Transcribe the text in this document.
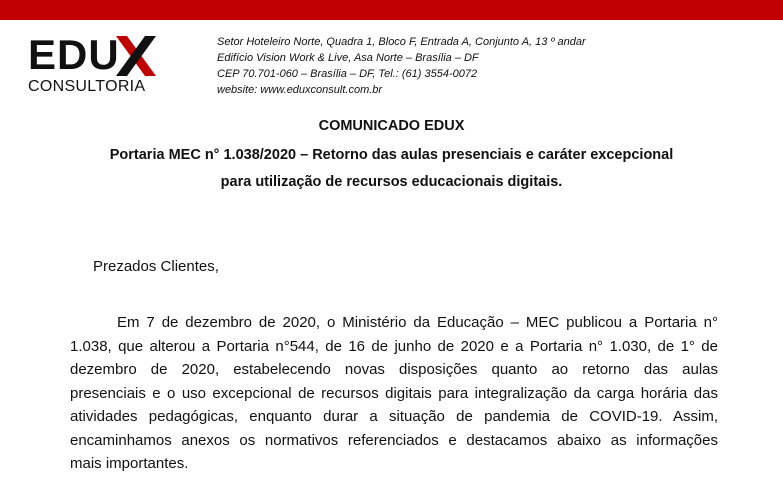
EDU
CONSULTORIA
Setor Hoteleiro Norte, Quadra 1, Bloco F, Entrada A, Conjunto A, 13 º andar
Edifício Vision Work & Live, Asa Norte – Brasília – DF
CEP 70.701-060 – Brasília – DF, Tel.: (61) 3554-0072
website: www.eduxconsult.com.br
COMUNICADO EDUX
Portaria MEC n° 1.038/2020 – Retorno das aulas presenciais e caráter excepcional
para utilização de recursos educacionais digitais.
Prezados Clientes,
Em 7 de dezembro de 2020, o Ministério da Educação – MEC publicou a Portaria n°
1.038, que alterou a Portaria n°544, de 16 de junho de 2020 e a Portaria n° 1.030, de 1° de
dezembro de 2020, estabelecendo novas disposições quanto ao retorno das aulas
presenciais e o uso excepcional de recursos digitais para integralização da carga horária das
atividades pedagógicas, enquanto durar a situação de pandemia de COVID-19. Assim,
encaminhamos anexos os normativos referenciados e destacamos abaixo as informações
mais importantes.
